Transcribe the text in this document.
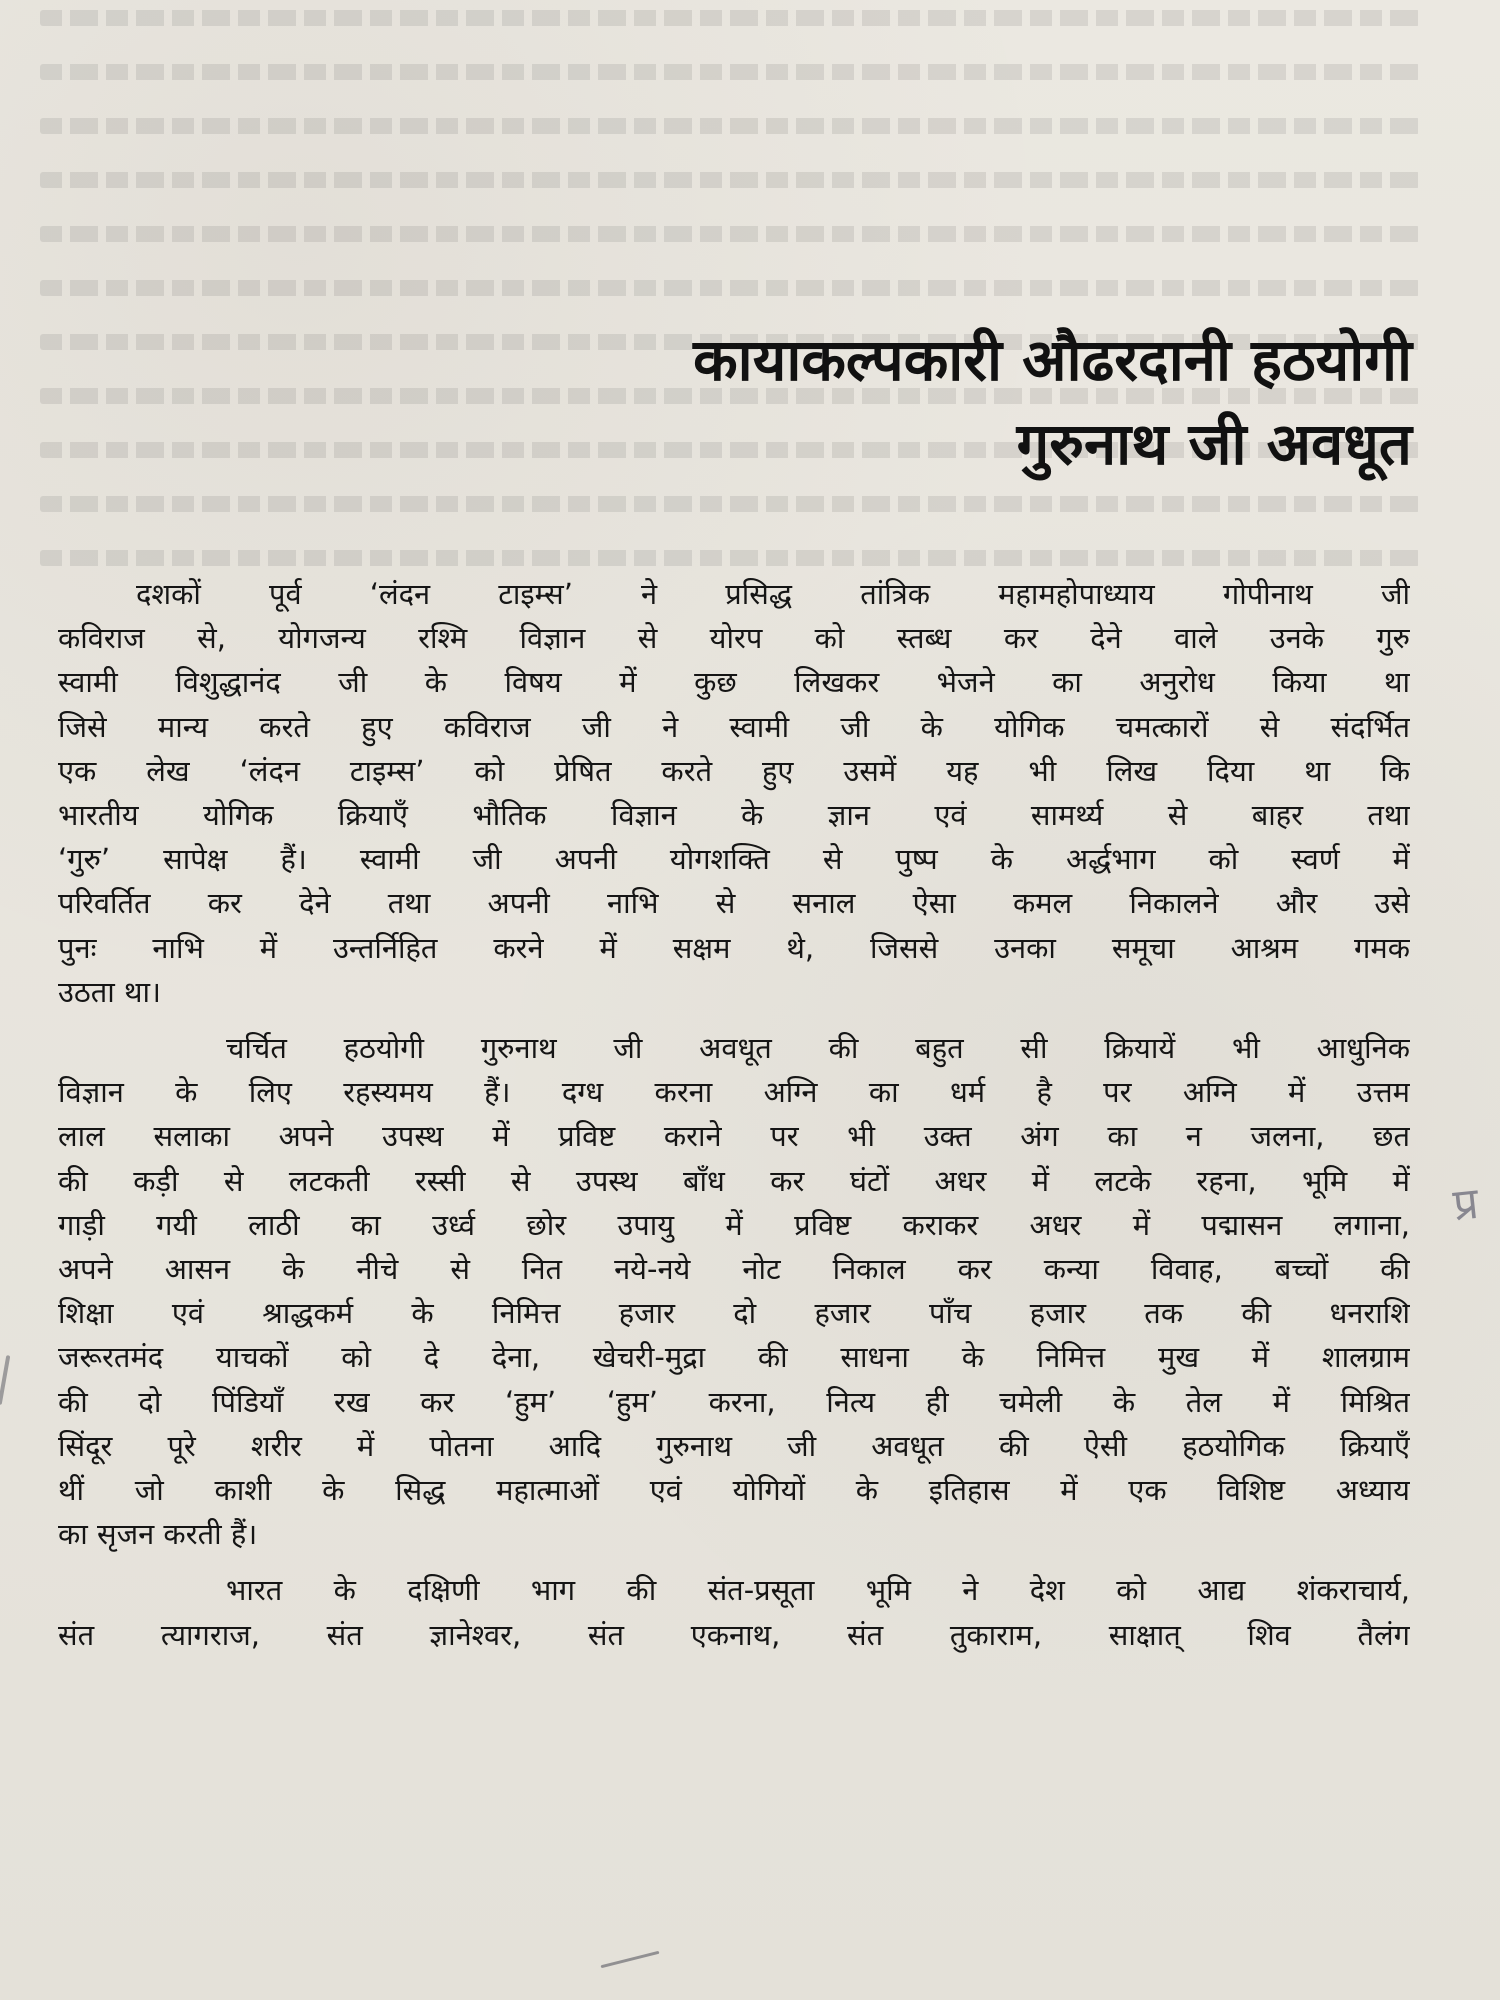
कायाकल्पकारी औढरदानी हठयोगी
गुरुनाथ जी अवधूत
दशकों पूर्व ‘लंदन टाइम्स’ ने प्रसिद्ध तांत्रिक महामहोपाध्याय गोपीनाथ जी
कविराज से, योगजन्य रश्मि विज्ञान से योरप को स्तब्ध कर देने वाले उनके गुरु
स्वामी विशुद्धानंद जी के विषय में कुछ लिखकर भेजने का अनुरोध किया था
जिसे मान्य करते हुए कविराज जी ने स्वामी जी के योगिक चमत्कारों से संदर्भित
एक लेख ‘लंदन टाइम्स’ को प्रेषित करते हुए उसमें यह भी लिख दिया था कि
भारतीय योगिक क्रियाएँ भौतिक विज्ञान के ज्ञान एवं सामर्थ्य से बाहर तथा
‘गुरु’ सापेक्ष हैं। स्वामी जी अपनी योगशक्ति से पुष्प के अर्द्धभाग को स्वर्ण में
परिवर्तित कर देने तथा अपनी नाभि से सनाल ऐसा कमल निकालने और उसे
पुनः नाभि में उन्तर्निहित करने में सक्षम थे, जिससे उनका समूचा आश्रम गमक
उठता था।
चर्चित हठयोगी गुरुनाथ जी अवधूत की बहुत सी क्रियायें भी आधुनिक
विज्ञान के लिए रहस्यमय हैं। दग्ध करना अग्नि का धर्म है पर अग्नि में उत्तम
लाल सलाका अपने उपस्थ में प्रविष्ट कराने पर भी उक्त अंग का न जलना, छत
की कड़ी से लटकती रस्सी से उपस्थ बाँध कर घंटों अधर में लटके रहना, भूमि में
गाड़ी गयी लाठी का उर्ध्व छोर उपायु में प्रविष्ट कराकर अधर में पद्मासन लगाना,
अपने आसन के नीचे से नित नये-नये नोट निकाल कर कन्या विवाह, बच्चों की
शिक्षा एवं श्राद्धकर्म के निमित्त हजार दो हजार पाँच हजार तक की धनराशि
जरूरतमंद याचकों को दे देना, खेचरी-मुद्रा की साधना के निमित्त मुख में शालग्राम
की दो पिंडियाँ रख कर ‘हुम’ ‘हुम’ करना, नित्य ही चमेली के तेल में मिश्रित
सिंदूर पूरे शरीर में पोतना आदि गुरुनाथ जी अवधूत की ऐसी हठयोगिक क्रियाएँ
थीं जो काशी के सिद्ध महात्माओं एवं योगियों के इतिहास में एक विशिष्ट अध्याय
का सृजन करती हैं।
भारत के दक्षिणी भाग की संत-प्रसूता भूमि ने देश को आद्य शंकराचार्य,
संत त्यागराज, संत ज्ञानेश्वर, संत एकनाथ, संत तुकाराम, साक्षात् शिव तैलंग
प्र
